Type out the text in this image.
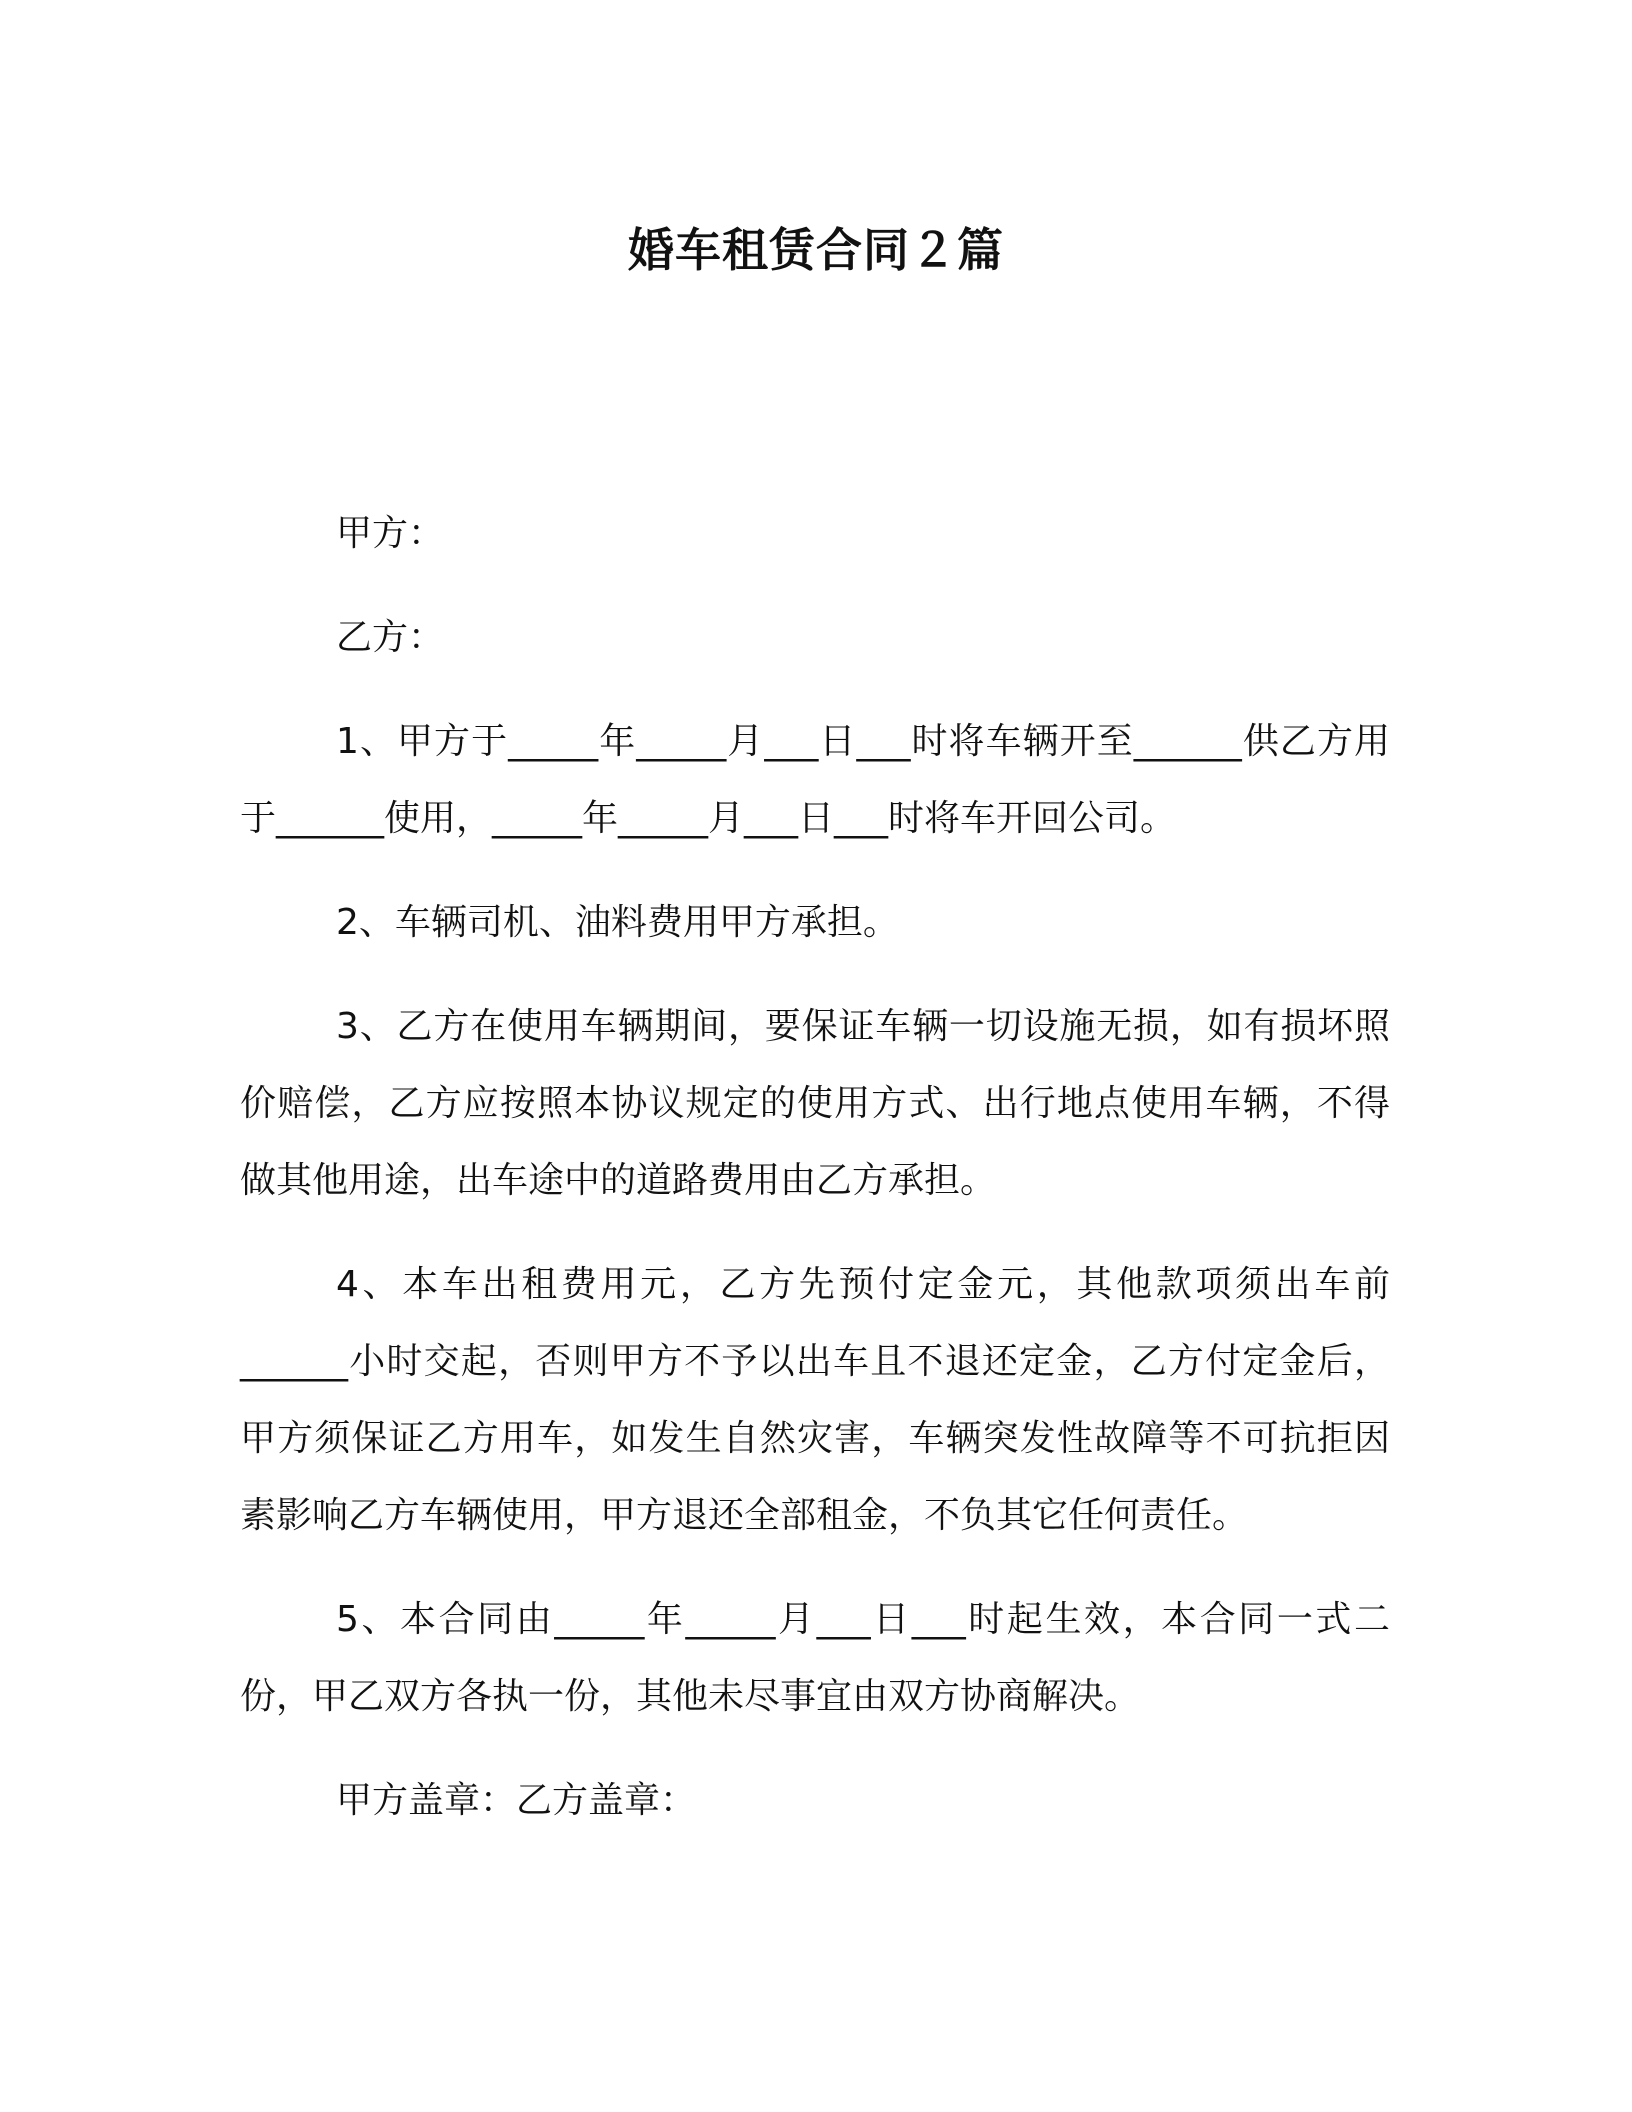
婚车租赁合同２篇

甲方：

乙方：

1、甲方于_____年_____月___日___时将车辆开至______供乙方用于______使用，_____年_____月___日___时将车开回公司。

2、车辆司机、油料费用甲方承担。

3、乙方在使用车辆期间，要保证车辆一切设施无损，如有损坏照价赔偿，乙方应按照本协议规定的使用方式、出行地点使用车辆，不得做其他用途，出车途中的道路费用由乙方承担。

4、本车出租费用元，乙方先预付定金元，其他款项须出车前______小时交起，否则甲方不予以出车且不退还定金，乙方付定金后，甲方须保证乙方用车，如发生自然灾害，车辆突发性故障等不可抗拒因素影响乙方车辆使用，甲方退还全部租金，不负其它任何责任。

5、本合同由_____年_____月___日___时起生效，本合同一式二份，甲乙双方各执一份，其他未尽事宜由双方协商解决。

甲方盖章：乙方盖章：
